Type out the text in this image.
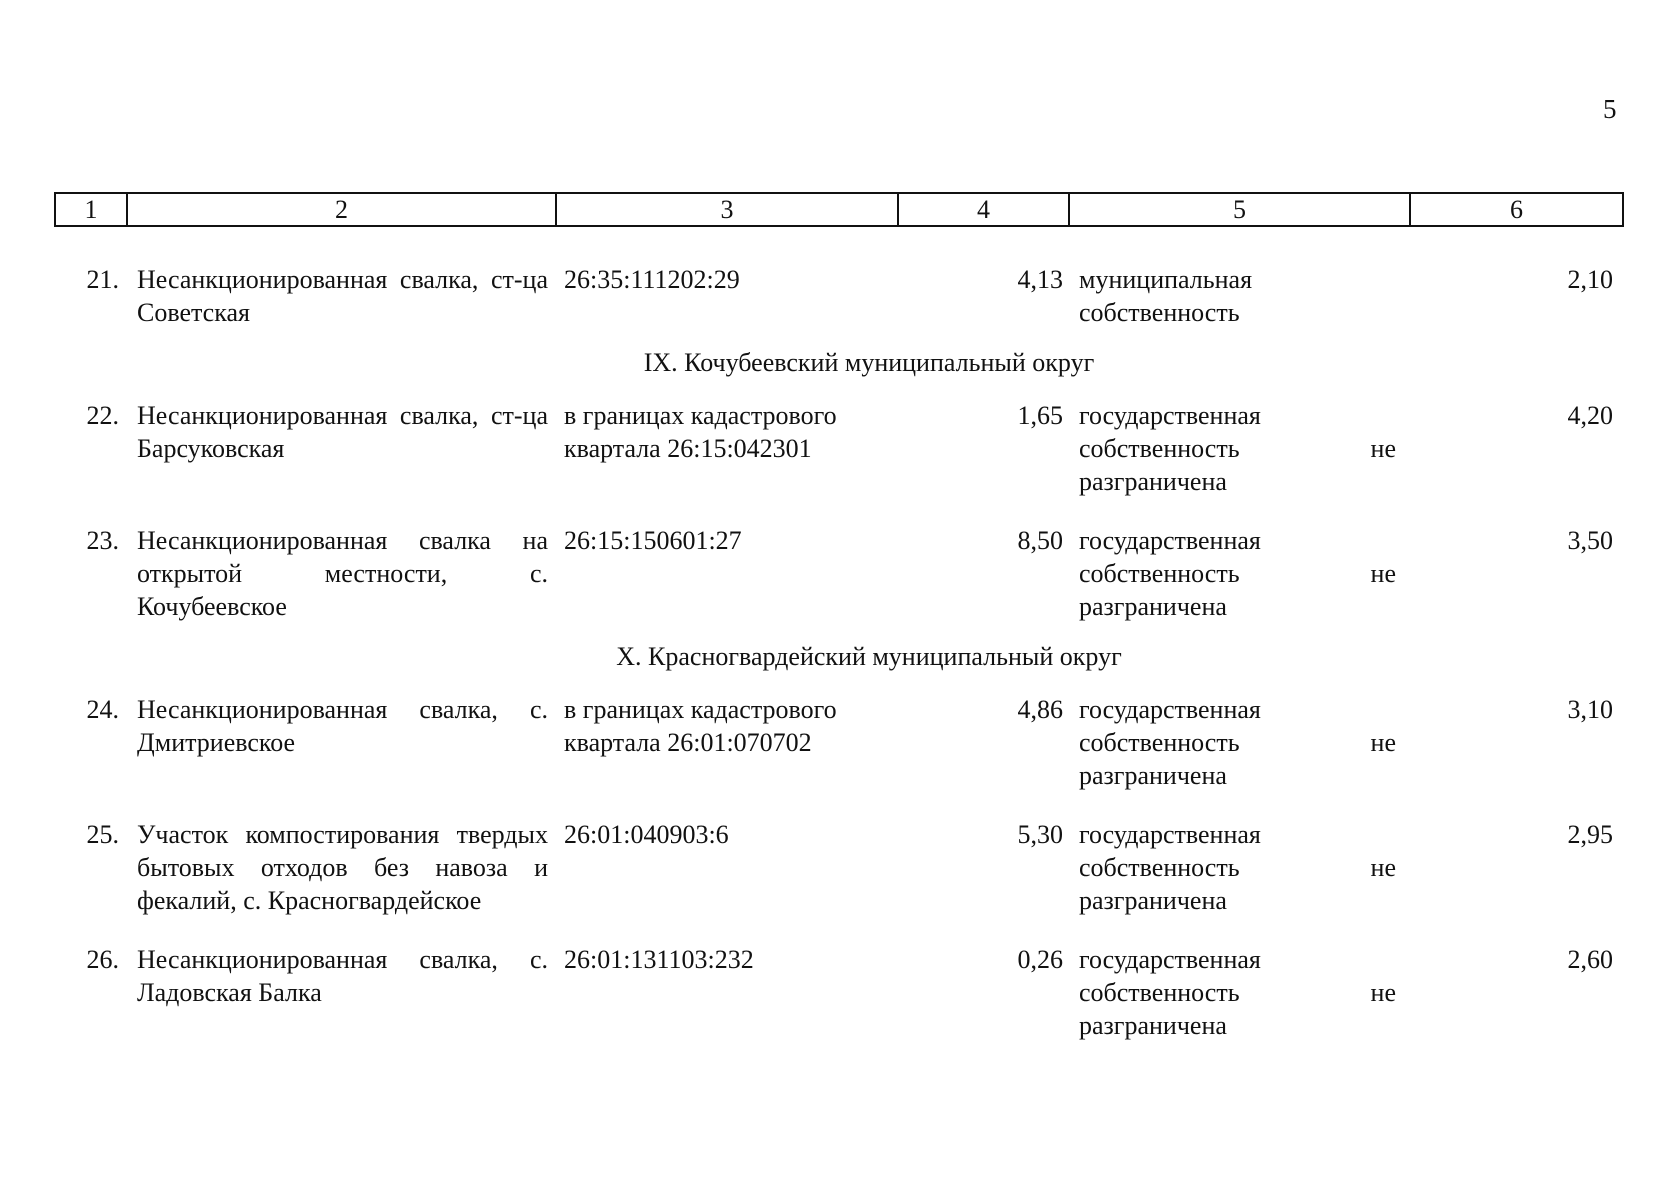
5
1	2	3	4	5	6
21.	Несанкционированная свалка, ст-ца Советская	26:35:111202:29	4,13	муниципальная собственность	2,10
IX. Кочубеевский муниципальный округ					
22.	Несанкционированная свалка, ст-ца Барсуковская	в границах кадастрового квартала 26:15:042301	1,65	государственная собственность не разграничена	4,20
23.	Несанкционированная свалка на открытой местности, с. Кочубеевское	26:15:150601:27	8,50	государственная собственность не разграничена	3,50
X. Красногвардейский муниципальный округ					
24.	Несанкционированная свалка, с. Дмитриевское	в границах кадастрового квартала 26:01:070702	4,86	государственная собственность не разграничена	3,10
25.	Участок компостирования твердых бытовых отходов без навоза и фекалий, с. Красногвардейское	26:01:040903:6	5,30	государственная собственность не разграничена	2,95
26.	Несанкционированная свалка, с. Ладовская Балка	26:01:131103:232	0,26	государственная собственность не разграничена	2,60
